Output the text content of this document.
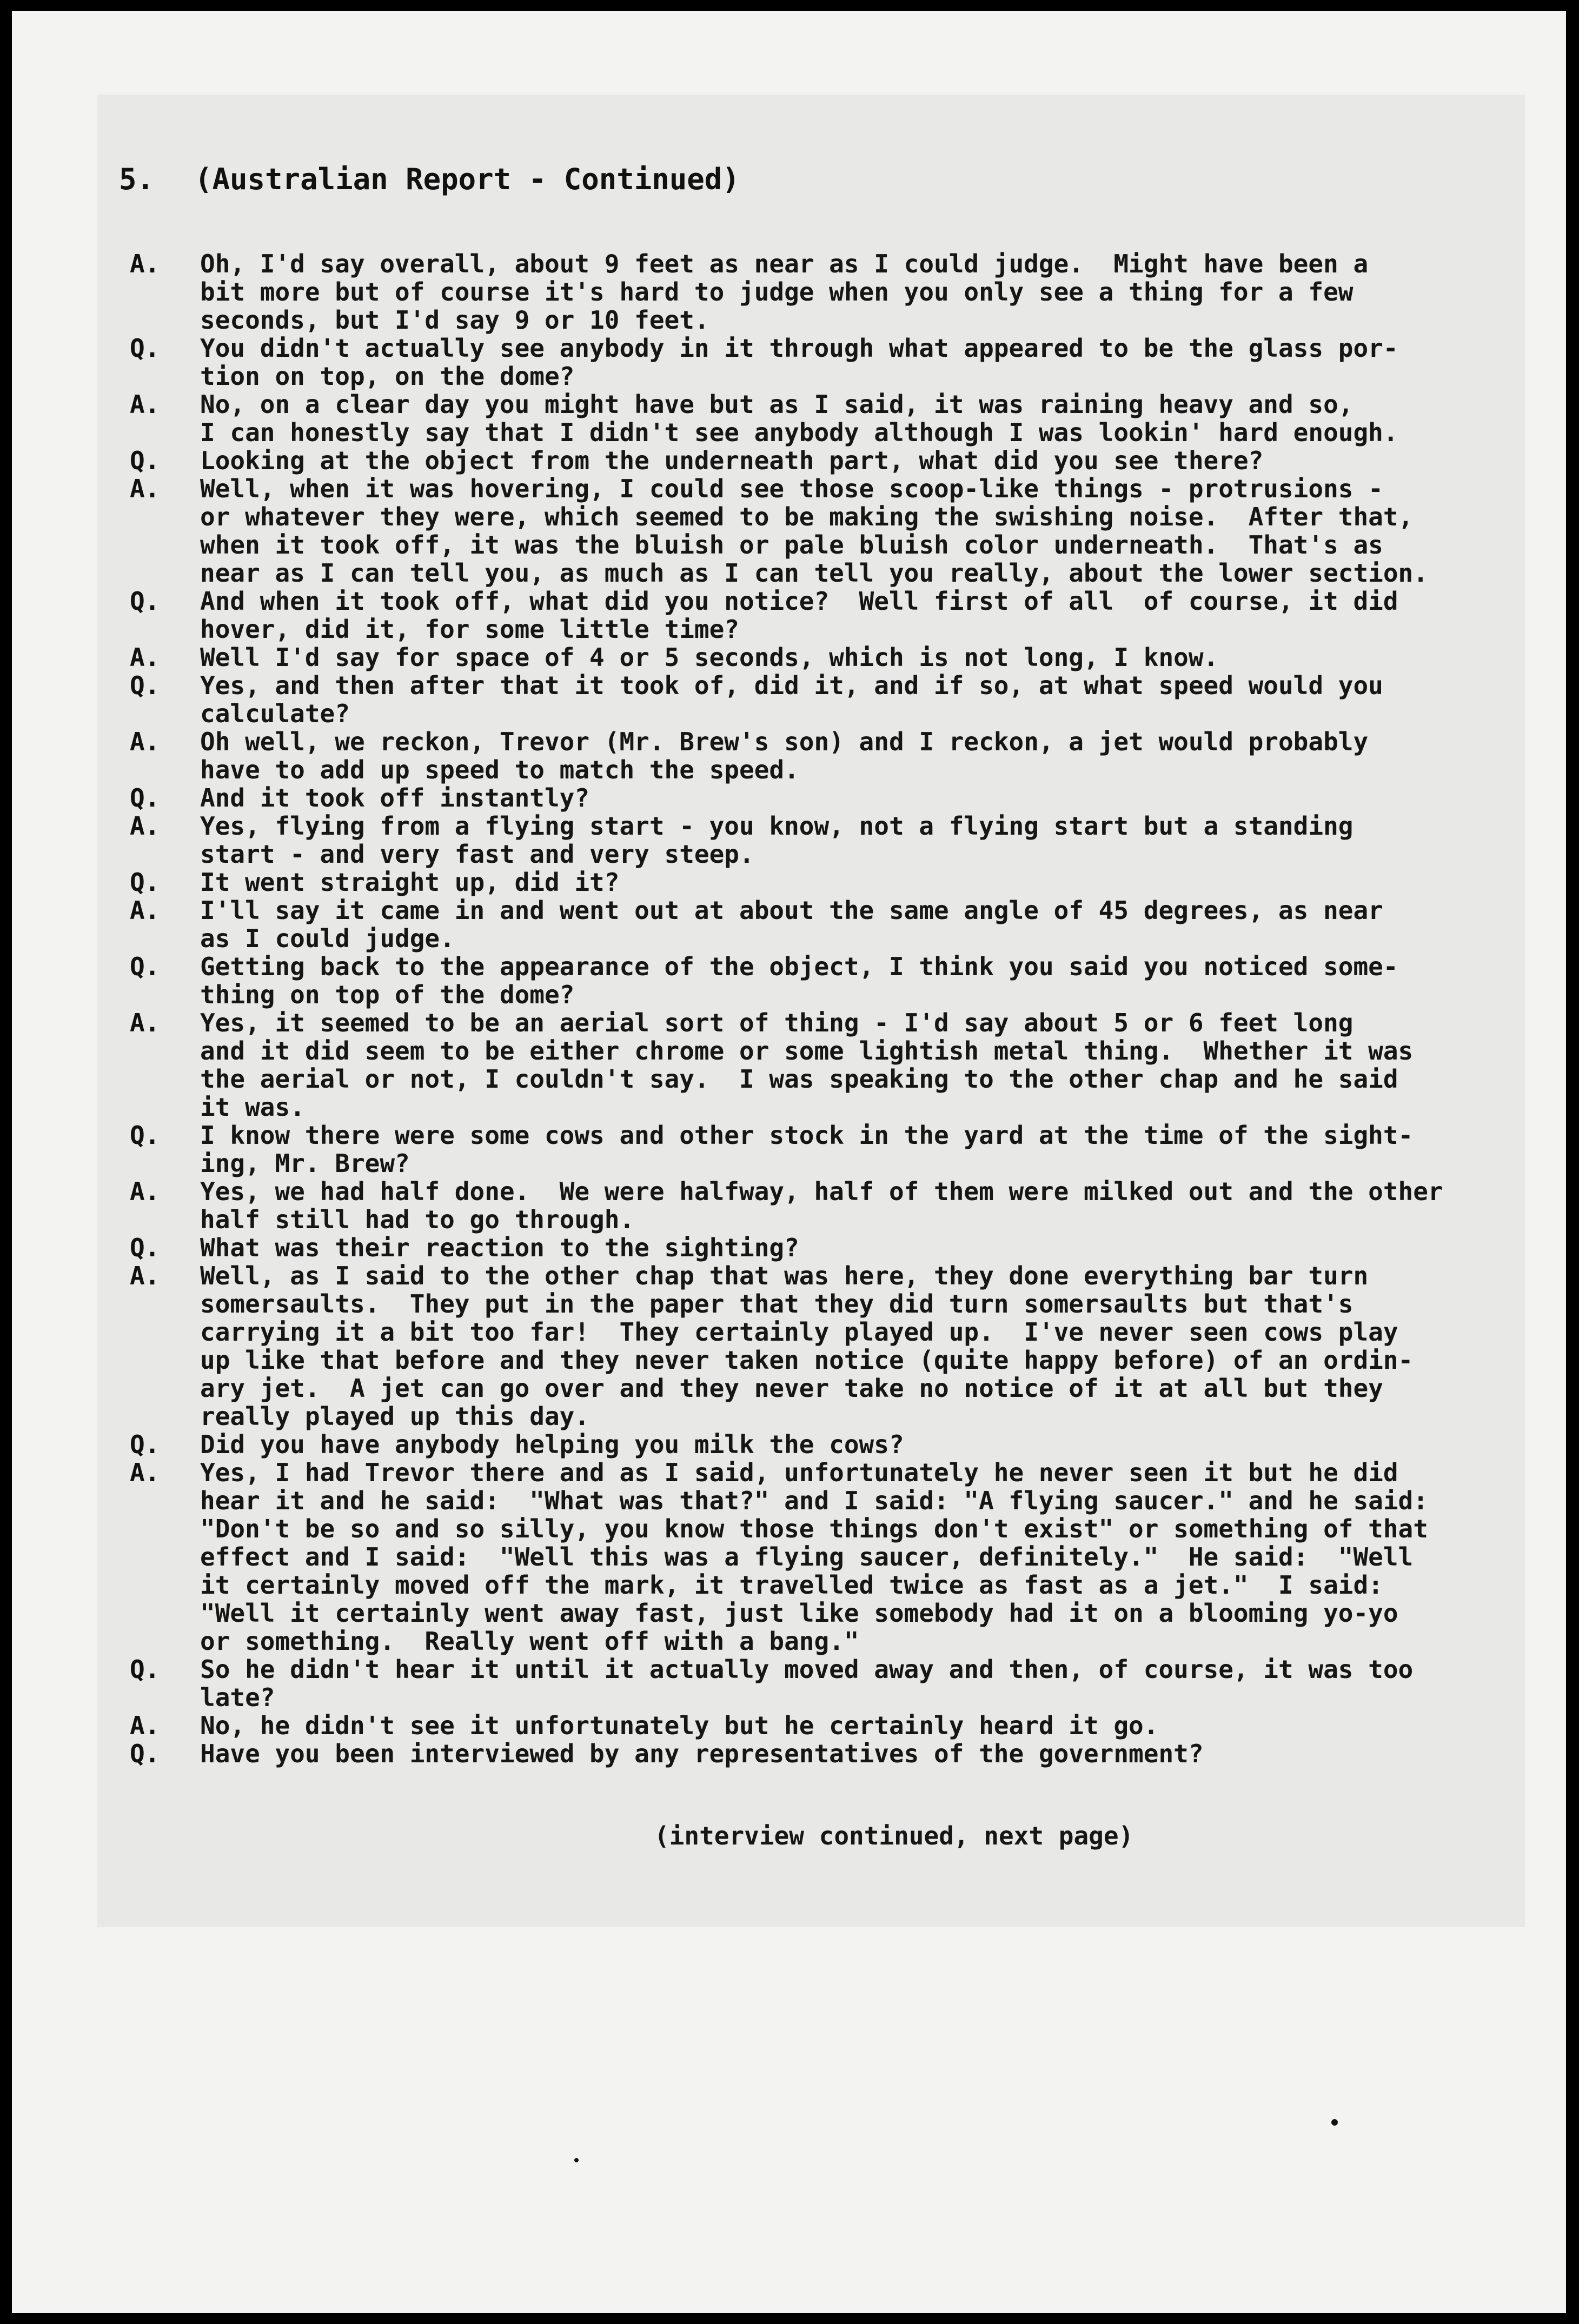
5. (Australian Report - Continued)
A.	Oh, I'd say overall, about 9 feet as near as I could judge.  Might have been a
bit more but of course it's hard to judge when you only see a thing for a few
seconds, but I'd say 9 or 10 feet.
Q.	You didn't actually see anybody in it through what appeared to be the glass por-
tion on top, on the dome?
A.	No, on a clear day you might have but as I said, it was raining heavy and so,
I can honestly say that I didn't see anybody although I was lookin' hard enough.
Q.	Looking at the object from the underneath part, what did you see there?
A.	Well, when it was hovering, I could see those scoop-like things - protrusions -
or whatever they were, which seemed to be making the swishing noise.  After that,
when it took off, it was the bluish or pale bluish color underneath.  That's as
near as I can tell you, as much as I can tell you really, about the lower section.
Q.	And when it took off, what did you notice?  Well first of all  of course, it did
hover, did it, for some little time?
A.	Well I'd say for space of 4 or 5 seconds, which is not long, I know.
Q.	Yes, and then after that it took of, did it, and if so, at what speed would you
calculate?
A.	Oh well, we reckon, Trevor (Mr. Brew's son) and I reckon, a jet would probably
have to add up speed to match the speed.
Q.	And it took off instantly?
A.	Yes, flying from a flying start - you know, not a flying start but a standing
start - and very fast and very steep.
Q.	It went straight up, did it?
A.	I'll say it came in and went out at about the same angle of 45 degrees, as near
as I could judge.
Q.	Getting back to the appearance of the object, I think you said you noticed some-
thing on top of the dome?
A.	Yes, it seemed to be an aerial sort of thing - I'd say about 5 or 6 feet long
and it did seem to be either chrome or some lightish metal thing.  Whether it was
the aerial or not, I couldn't say.  I was speaking to the other chap and he said
it was.
Q.	I know there were some cows and other stock in the yard at the time of the sight-
ing, Mr. Brew?
A.	Yes, we had half done.  We were halfway, half of them were milked out and the other
half still had to go through.
Q.	What was their reaction to the sighting?
A.	Well, as I said to the other chap that was here, they done everything bar turn
somersaults.  They put in the paper that they did turn somersaults but that's
carrying it a bit too far!  They certainly played up.  I've never seen cows play
up like that before and they never taken notice (quite happy before) of an ordin-
ary jet.  A jet can go over and they never take no notice of it at all but they
really played up this day.
Q.	Did you have anybody helping you milk the cows?
A.	Yes, I had Trevor there and as I said, unfortunately he never seen it but he did
hear it and he said:  "What was that?" and I said: "A flying saucer." and he said:
"Don't be so and so silly, you know those things don't exist" or something of that
effect and I said:  "Well this was a flying saucer, definitely."  He said:  "Well
it certainly moved off the mark, it travelled twice as fast as a jet."  I said:
"Well it certainly went away fast, just like somebody had it on a blooming yo-yo
or something.  Really went off with a bang."
Q.	So he didn't hear it until it actually moved away and then, of course, it was too
late?
A.	No, he didn't see it unfortunately but he certainly heard it go.
Q.	Have you been interviewed by any representatives of the government?
(interview continued, next page)
